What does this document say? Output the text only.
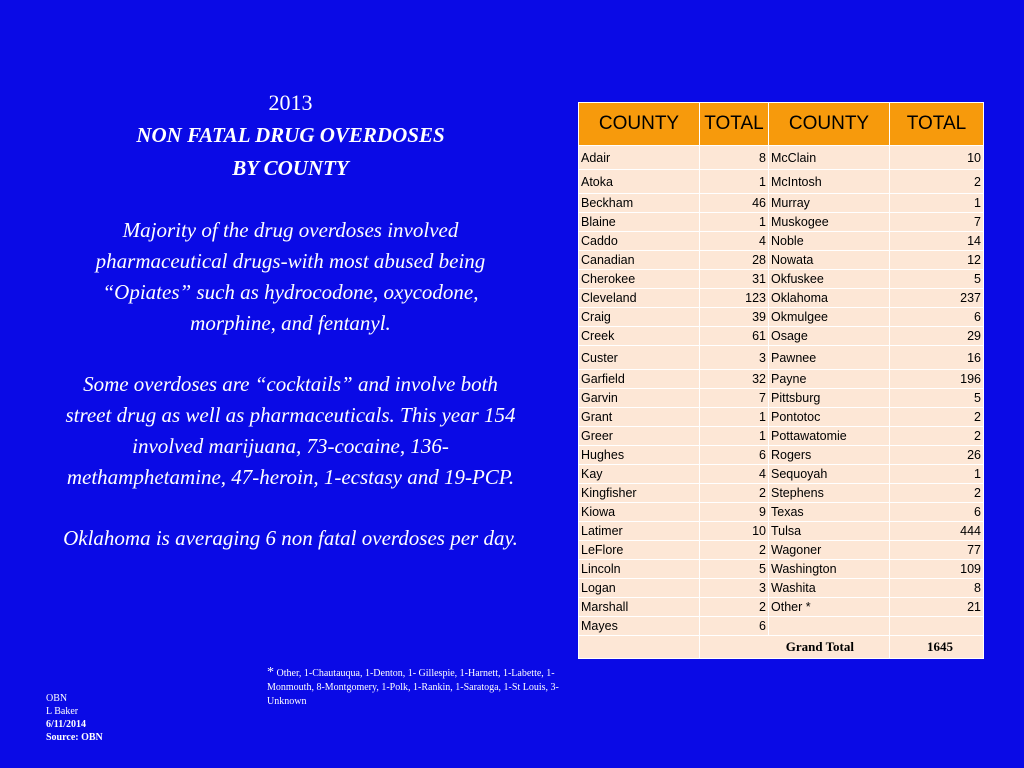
2013
NON FATAL DRUG OVERDOSES
BY COUNTY
Majority of the drug overdoses involved pharmaceutical drugs-with most abused being “Opiates” such as hydrocodone, oxycodone, morphine, and fentanyl.
Some overdoses are “cocktails” and involve both street drug as well as pharmaceuticals. This year 154 involved marijuana, 73-cocaine, 136-methamphetamine, 47-heroin, 1-ecstasy and 19-PCP.
Oklahoma is averaging 6 non fatal overdoses per day.
COUNTY	TOTAL	COUNTY	TOTAL
Adair	8	McClain	10
Atoka	1	McIntosh	2
Beckham	46	Murray	1
Blaine	1	Muskogee	7
Caddo	4	Noble	14
Canadian	28	Nowata	12
Cherokee	31	Okfuskee	5
Cleveland	123	Oklahoma	237
Craig	39	Okmulgee	6
Creek	61	Osage	29
Custer	3	Pawnee	16
Garfield	32	Payne	196
Garvin	7	Pittsburg	5
Grant	1	Pontotoc	2
Greer	1	Pottawatomie	2
Hughes	6	Rogers	26
Kay	4	Sequoyah	1
Kingfisher	2	Stephens	2
Kiowa	9	Texas	6
Latimer	10	Tulsa	444
LeFlore	2	Wagoner	77
Lincoln	5	Washington	109
Logan	3	Washita	8
Marshall	2	Other *	21
Mayes	6		
	Grand Total		1645
* Other, 1-Chautauqua, 1-Denton, 1- Gillespie, 1-Harnett, 1-Labette, 1-Monmouth, 8-Montgomery, 1-Polk, 1-Rankin, 1-Saratoga, 1-St Louis, 3-Unknown
OBN
L Baker
6/11/2014
Source: OBN
